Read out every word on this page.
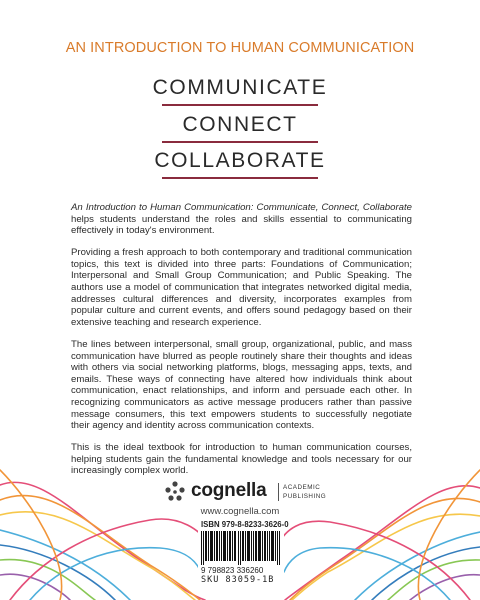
AN INTRODUCTION TO HUMAN COMMUNICATION
COMMUNICATE
CONNECT
COLLABORATE

An Introduction to Human Communication: Communicate, Connect, Collaborate helps students understand the roles and skills essential to communicating effectively in today's environment.

Providing a fresh approach to both contemporary and traditional communication topics, this text is divided into three parts: Foundations of Communication; Interpersonal and Small Group Communication; and Public Speaking. The authors use a model of communication that integrates networked digital media, addresses cultural differences and diversity, incorporates examples from popular culture and current events, and offers sound pedagogy based on their extensive teaching and research experience.

The lines between interpersonal, small group, organizational, public, and mass communication have blurred as people routinely share their thoughts and ideas with others via social networking platforms, blogs, messaging apps, texts, and emails. These ways of connecting have altered how individuals think about communication, enact relationships, and inform and persuade each other. In recognizing communicators as active message producers rather than passive message consumers, this text empowers students to successfully negotiate their agency and identity across communication contexts.

This is the ideal textbook for introduction to human communication courses, helping students gain the fundamental knowledge and tools necessary for our increasingly complex world.

cognella	ACADEMIC
PUBLISHING
www.cognella.com
ISBN 979-8-8233-3626-0
9 798823 336260
SKU 83059-1B
